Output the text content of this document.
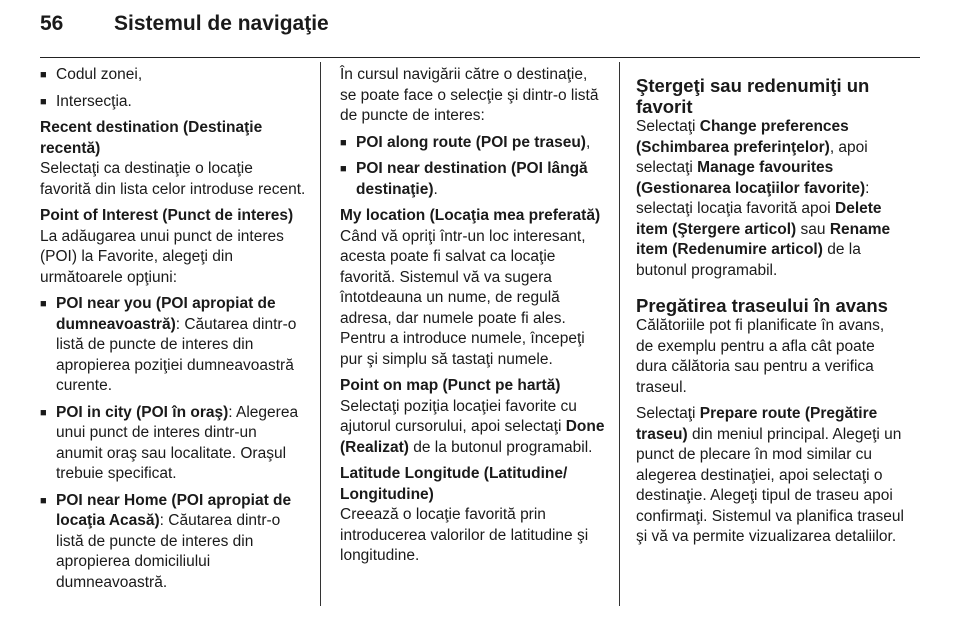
56 Sistemul de navigaţie
■ Codul zonei,
■ Intersecţia.
Recent destination (Destinaţie recentă)

Selectaţi ca destinaţie o locaţie favorită din lista celor introduse recent.

Point of Interest (Punct de interes)

La adăugarea unui punct de interes (POI) la Favorite, alegeţi din următoarele opţiuni:

■ POI near you (POI apropiat de dumneavoastră): Căutarea dintr-o listă de puncte de interes din apropierea poziţiei dumneavoastră curente.
■ POI in city (POI în oraş): Alegerea unui punct de interes dintr-un anumit oraş sau localitate. Oraşul trebuie specificat.
■ POI near Home (POI apropiat de locaţia Acasă): Căutarea dintr-o listă de puncte de interes din apropierea domiciliului dumneavoastră.

În cursul navigării către o destinaţie, se poate face o selecţie şi dintr-o listă de puncte de interes:

■ POI along route (POI pe traseu),
■ POI near destination (POI lângă destinaţie).
My location (Locaţia mea preferată)

Când vă opriţi într-un loc interesant, acesta poate fi salvat ca locaţie favorită. Sistemul vă va sugera întotdeauna un nume, de regulă adresa, dar numele poate fi ales. Pentru a introduce numele, începeţi pur şi simplu să tastaţi numele.

Point on map (Punct pe hartă)

Selectaţi poziţia locaţiei favorite cu ajutorul cursorului, apoi selectaţi Done (Realizat) de la butonul programabil.

Latitude Longitude (Latitudine/ Longitudine)

Creează o locaţie favorită prin introducerea valorilor de latitudine şi longitudine.

Ştergeţi sau redenumiţi un favorit

Selectaţi Change preferences (Schimbarea preferinţelor), apoi selectaţi Manage favourites (Gestionarea locaţiilor favorite): selectaţi locaţia favorită apoi Delete item (Ştergere articol) sau Rename item (Redenumire articol) de la butonul programabil.

Pregătirea traseului în avans

Călătoriile pot fi planificate în avans, de exemplu pentru a afla cât poate dura călătoria sau pentru a verifica traseul.

Selectaţi Prepare route (Pregătire traseu) din meniul principal. Alegeţi un punct de plecare în mod similar cu alegerea destinaţiei, apoi selectaţi o destinaţie. Alegeţi tipul de traseu apoi confirmaţi. Sistemul va planifica traseul şi vă va permite vizualizarea detaliilor.
